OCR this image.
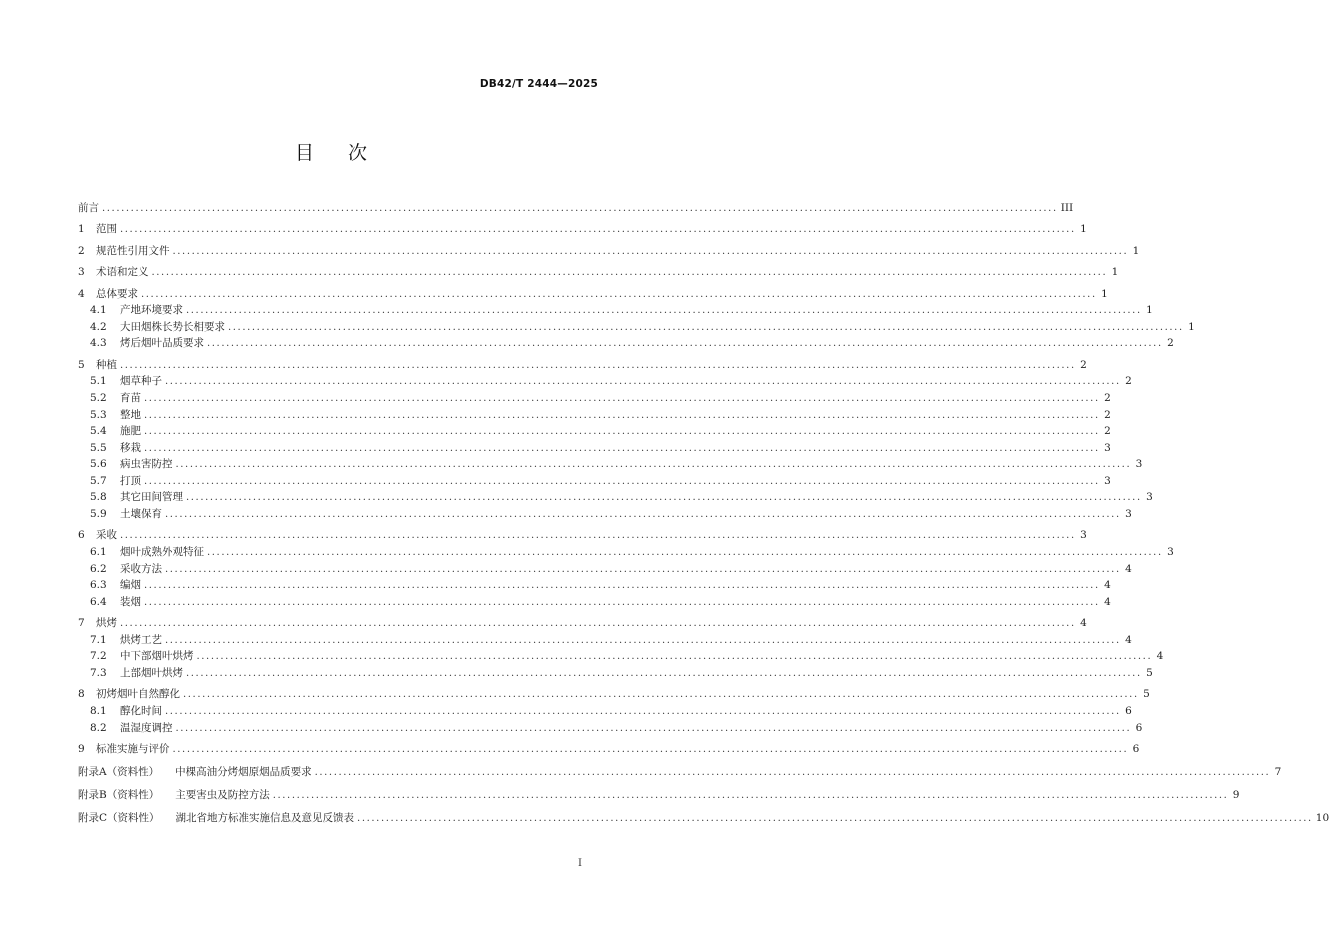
DB42/T 2444—2025
目 次
前言 ........................................................................................................................................................................................................ III
1	范围 ........................................................................................................................................................................................................ 1
2	规范性引用文件 ........................................................................................................................................................................................................ 1
3	术语和定义 ........................................................................................................................................................................................................ 1
4	总体要求 ........................................................................................................................................................................................................ 1
4.1	产地环境要求 ........................................................................................................................................................................................................ 1
4.2	大田烟株长势长相要求 ........................................................................................................................................................................................................ 1
4.3	烤后烟叶品质要求 ........................................................................................................................................................................................................ 2
5	种植 ........................................................................................................................................................................................................ 2
5.1	烟草种子 ........................................................................................................................................................................................................ 2
5.2	育苗 ........................................................................................................................................................................................................ 2
5.3	整地 ........................................................................................................................................................................................................ 2
5.4	施肥 ........................................................................................................................................................................................................ 2
5.5	移栽 ........................................................................................................................................................................................................ 3
5.6	病虫害防控 ........................................................................................................................................................................................................ 3
5.7	打顶 ........................................................................................................................................................................................................ 3
5.8	其它田间管理 ........................................................................................................................................................................................................ 3
5.9	土壤保育 ........................................................................................................................................................................................................ 3
6	采收 ........................................................................................................................................................................................................ 3
6.1	烟叶成熟外观特征 ........................................................................................................................................................................................................ 3
6.2	采收方法 ........................................................................................................................................................................................................ 4
6.3	编烟 ........................................................................................................................................................................................................ 4
6.4	装烟 ........................................................................................................................................................................................................ 4
7	烘烤 ........................................................................................................................................................................................................ 4
7.1	烘烤工艺 ........................................................................................................................................................................................................ 4
7.2	中下部烟叶烘烤 ........................................................................................................................................................................................................ 4
7.3	上部烟叶烘烤 ........................................................................................................................................................................................................ 5
8	初烤烟叶自然醇化 ........................................................................................................................................................................................................ 5
8.1	醇化时间 ........................................................................................................................................................................................................ 6
8.2	温湿度调控 ........................................................................................................................................................................................................ 6
9	标准实施与评价 ........................................................................................................................................................................................................ 6
附录A（资料性） 中棵高油分烤烟原烟品质要求 ........................................................................................................................................................................................................ 7
附录B（资料性） 主要害虫及防控方法 ........................................................................................................................................................................................................ 9
附录C（资料性） 湖北省地方标准实施信息及意见反馈表 ........................................................................................................................................................................................................ 10
I
